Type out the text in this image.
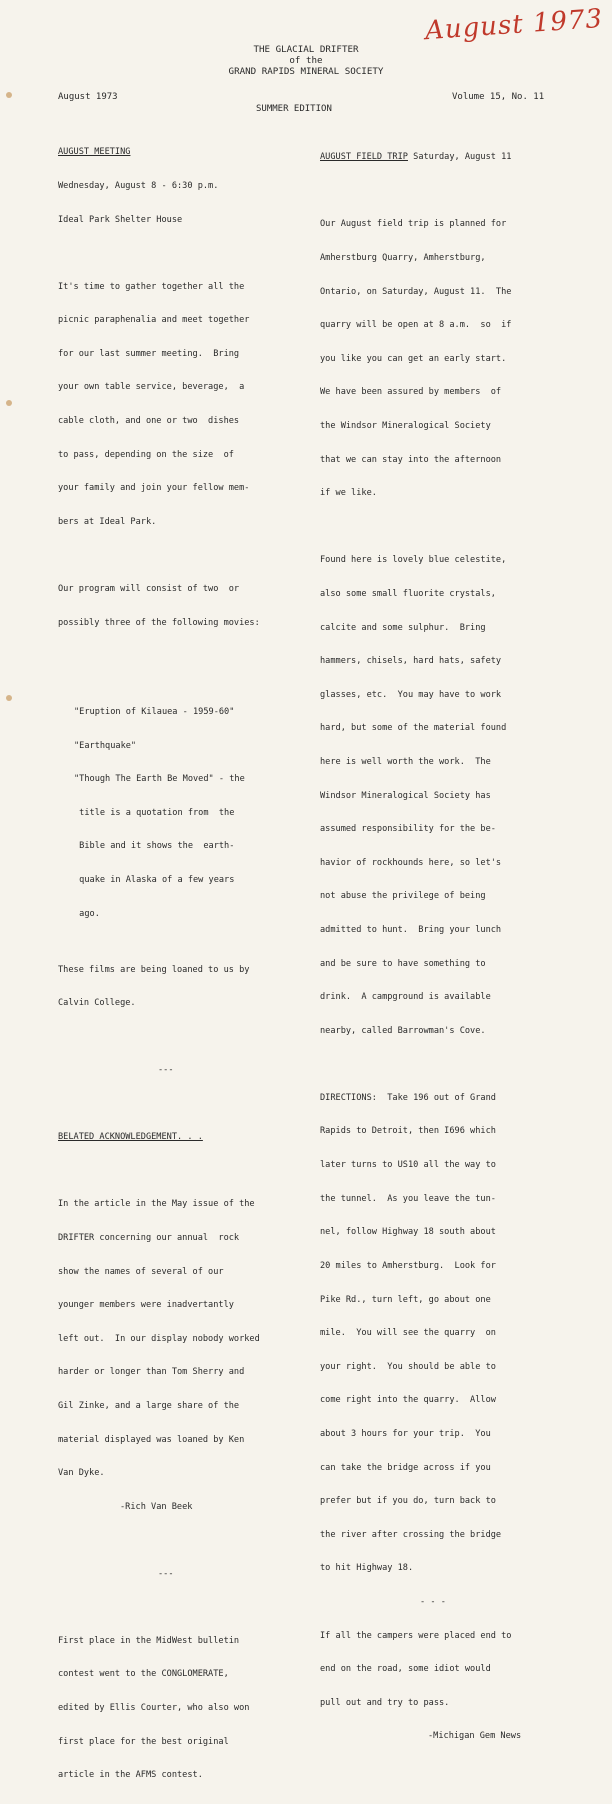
August 1973
THE GLACIAL DRIFTER
of the
GRAND RAPIDS MINERAL SOCIETY
August 1973
SUMMER EDITION
Volume 15, No. 11

AUGUST MEETING

Wednesday, August 8 - 6:30 p.m.

Ideal Park Shelter House

It's time to gather together all the

picnic paraphenalia and meet together

for our last summer meeting.  Bring

your own table service, beverage,  a

cable cloth, and one or two  dishes

to pass, depending on the size  of

your family and join your fellow mem-

bers at Ideal Park.

Our program will consist of two  or

possibly three of the following movies:

"Eruption of Kilauea - 1959-60"

"Earthquake"

"Though The Earth Be Moved" - the

title is a quotation from  the

Bible and it shows the  earth-

quake in Alaska of a few years

ago.

These films are being loaned to us by

Calvin College.

---

BELATED ACKNOWLEDGEMENT. . .

In the article in the May issue of the

DRIFTER concerning our annual  rock

show the names of several of our

younger members were inadvertantly

left out.  In our display nobody worked

harder or longer than Tom Sherry and

Gil Zinke, and a large share of the

material displayed was loaned by Ken

Van Dyke.

-Rich Van Beek

---

First place in the MidWest bulletin

contest went to the CONGLOMERATE,

edited by Ellis Courter, who also won

first place for the best original

article in the AFMS contest.

AUGUST FIELD TRIP Saturday, August 11

Our August field trip is planned for

Amherstburg Quarry, Amherstburg,

Ontario, on Saturday, August 11.  The

quarry will be open at 8 a.m.  so  if

you like you can get an early start.

We have been assured by members  of

the Windsor Mineralogical Society

that we can stay into the afternoon

if we like.

Found here is lovely blue celestite,

also some small fluorite crystals,

calcite and some sulphur.  Bring

hammers, chisels, hard hats, safety

glasses, etc.  You may have to work

hard, but some of the material found

here is well worth the work.  The

Windsor Mineralogical Society has

assumed responsibility for the be-

havior of rockhounds here, so let's

not abuse the privilege of being

admitted to hunt.  Bring your lunch

and be sure to have something to

drink.  A campground is available

nearby, called Barrowman's Cove.

DIRECTIONS:  Take 196 out of Grand

Rapids to Detroit, then I696 which

later turns to US10 all the way to

the tunnel.  As you leave the tun-

nel, follow Highway 18 south about

20 miles to Amherstburg.  Look for

Pike Rd., turn left, go about one

mile.  You will see the quarry  on

your right.  You should be able to

come right into the quarry.  Allow

about 3 hours for your trip.  You

can take the bridge across if you

prefer but if you do, turn back to

the river after crossing the bridge

to hit Highway 18.

- - -

If all the campers were placed end to

end on the road, some idiot would

pull out and try to pass.

-Michigan Gem News
